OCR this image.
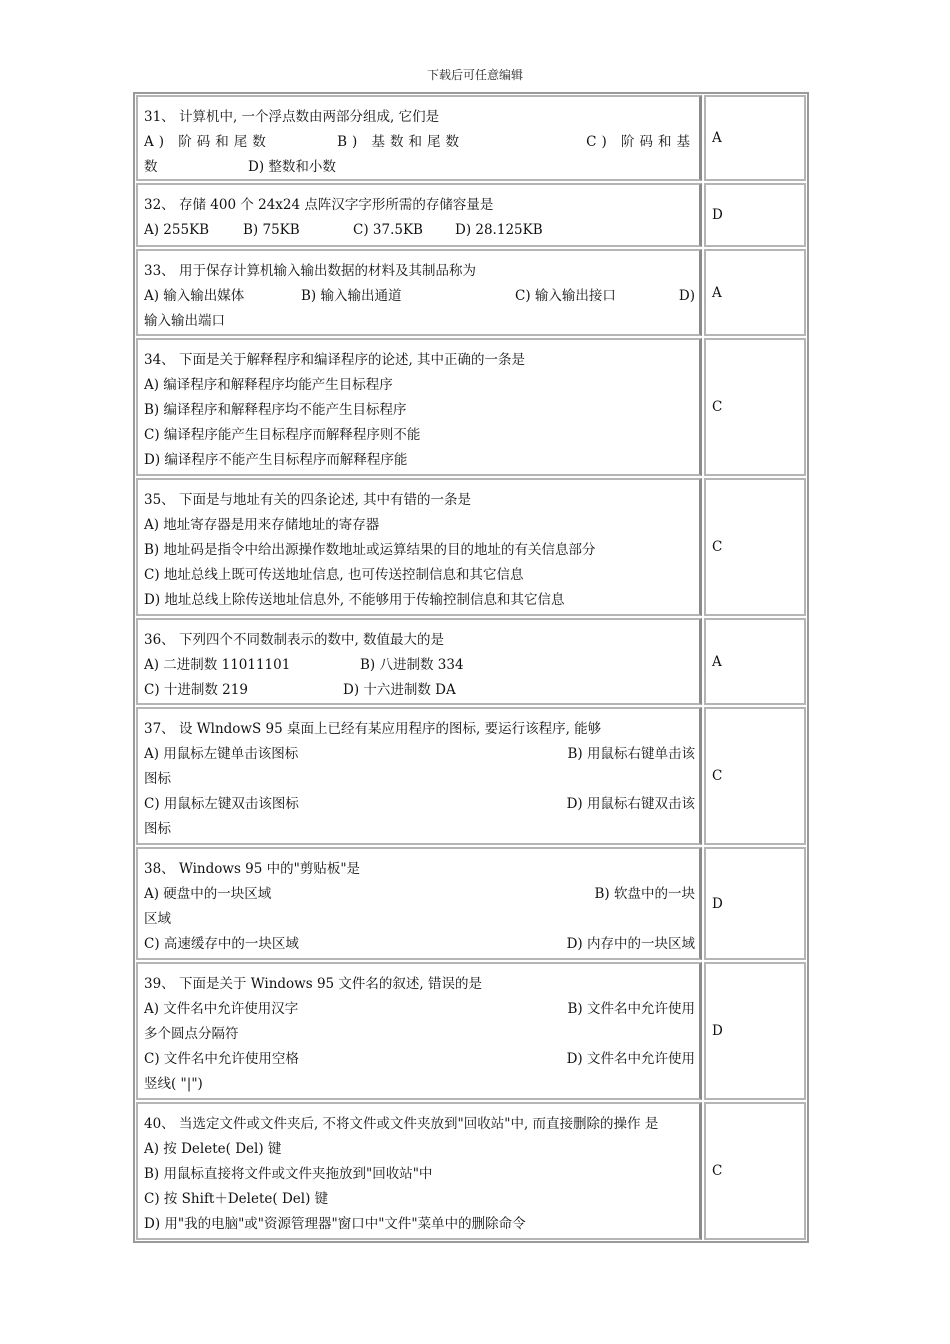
下载后可任意编辑
31、 计算机中, 一个浮点数由两部分组成, 它们是
A) 阶码和尾数	B) 基数和尾数	C) 阶码和基
数	D) 整数和小数
A
32、 存储 400 个 24x24 点阵汉字字形所需的存储容量是
A) 255KB	B) 75KB	C) 37.5KB	D) 28.125KB
D
33、 用于保存计算机输入输出数据的材料及其制品称为
A) 输入输出媒体	B) 输入输出通道	C) 输入输出接口	D)
输入输出端口
A
34、 下面是关于解释程序和编译程序的论述, 其中正确的一条是
A) 编译程序和解释程序均能产生目标程序
B) 编译程序和解释程序均不能产生目标程序
C) 编译程序能产生目标程序而解释程序则不能
D) 编译程序不能产生目标程序而解释程序能
C
35、 下面是与地址有关的四条论述, 其中有错的一条是
A) 地址寄存器是用来存储地址的寄存器
B) 地址码是指令中给出源操作数地址或运算结果的目的地址的有关信息部分
C) 地址总线上既可传送地址信息, 也可传送控制信息和其它信息
D) 地址总线上除传送地址信息外, 不能够用于传输控制信息和其它信息
C
36、 下列四个不同数制表示的数中, 数值最大的是
A) 二进制数 11011101	B) 八进制数 334
C) 十进制数 219	D) 十六进制数 DA
A
37、 设 WlndowS 95 桌面上已经有某应用程序的图标, 要运行该程序, 能够
A) 用鼠标左键单击该图标	B) 用鼠标右键单击该
图标
C) 用鼠标左键双击该图标	D) 用鼠标右键双击该
图标
C
38、 Windows 95 中的"剪贴板"是
A) 硬盘中的一块区域	B) 软盘中的一块
区域
C) 高速缓存中的一块区域	D) 内存中的一块区域
D
39、 下面是关于 Windows 95 文件名的叙述, 错误的是
A) 文件名中允许使用汉字	B) 文件名中允许使用
多个圆点分隔符
C) 文件名中允许使用空格	D) 文件名中允许使用
竖线( "|")
D
40、 当选定文件或文件夹后, 不将文件或文件夹放到"回收站"中, 而直接删除的操作 是
A) 按 Delete( Del) 键
B) 用鼠标直接将文件或文件夹拖放到"回收站"中
C) 按 Shift＋Delete( Del) 键
D) 用"我的电脑"或"资源管理器"窗口中"文件"菜单中的删除命令
C
